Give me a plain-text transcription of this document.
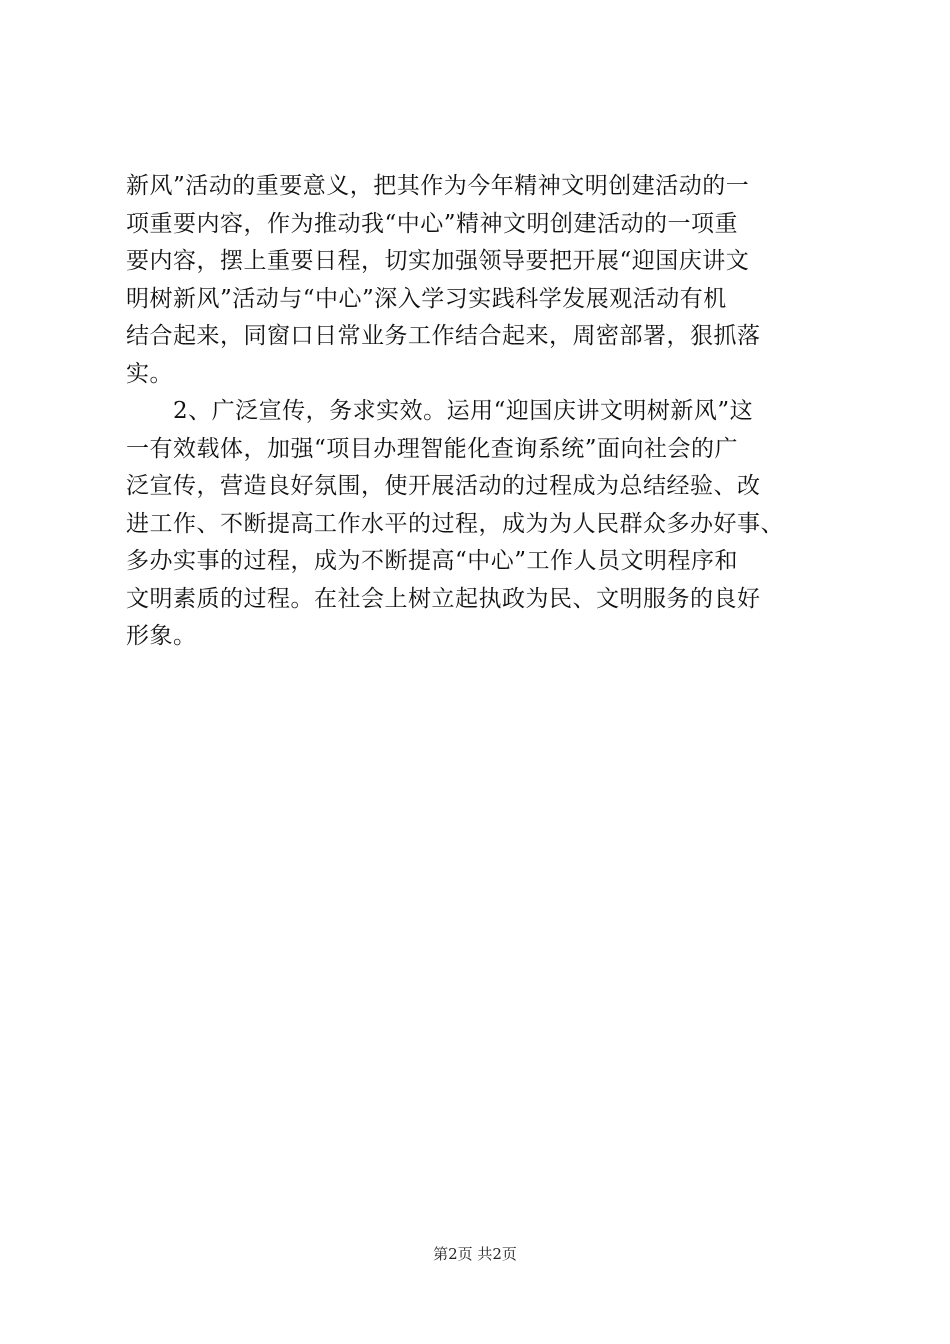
新风”活动的重要意义，把其作为今年精神文明创建活动的一
项重要内容，作为推动我“中心”精神文明创建活动的一项重
要内容，摆上重要日程，切实加强领导要把开展“迎国庆讲文
明树新风”活动与“中心”深入学习实践科学发展观活动有机
结合起来，同窗口日常业务工作结合起来，周密部署，狠抓落
实。
　　2、广泛宣传，务求实效。运用“迎国庆讲文明树新风”这
一有效载体，加强“项目办理智能化查询系统”面向社会的广
泛宣传，营造良好氛围，使开展活动的过程成为总结经验、改
进工作、不断提高工作水平的过程，成为为人民群众多办好事、
多办实事的过程，成为不断提高“中心”工作人员文明程序和
文明素质的过程。在社会上树立起执政为民、文明服务的良好
形象。
第2页 共2页
